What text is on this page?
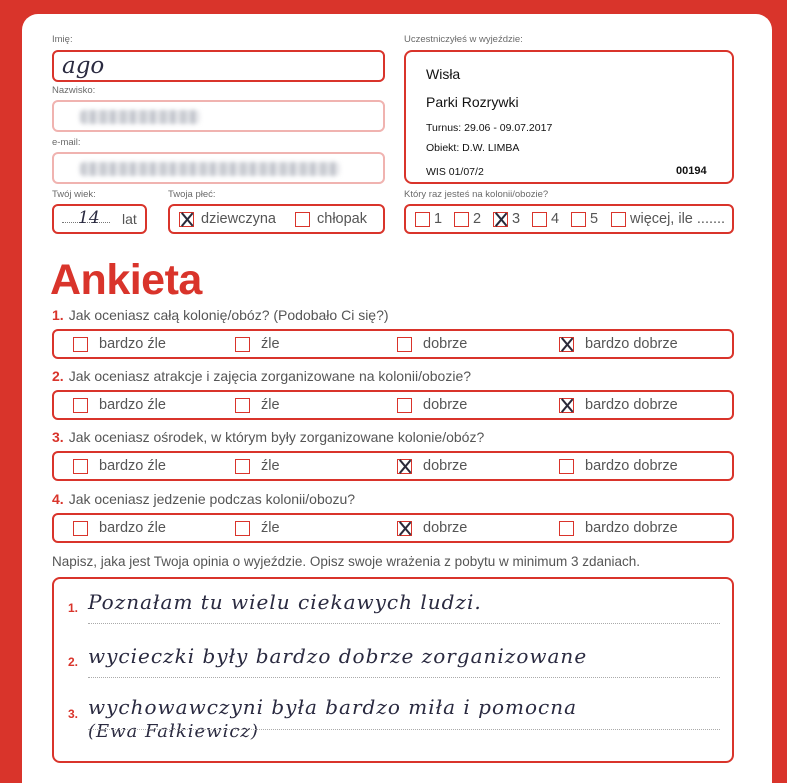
Imię:
ago
Nazwisko:
e-mail:
Twój wiek:
14 lat
Twoja płeć:
dziewczyna	chłopak
Uczestniczyłeś w wyjeździe:
Wisła
Parki Rozrywki
Turnus: 29.06 - 09.07.2017
Obiekt: D.W. LIMBA
WIS 01/07/2	00194
Który raz jesteś na kolonii/obozie?
1 2 3 4 5 więcej, ile .......
Ankieta
1. Jak oceniasz całą kolonię/obóz? (Podobało Ci się?)
bardzo źle	źle	dobrze	bardzo dobrze
2. Jak oceniasz atrakcje i zajęcia zorganizowane na kolonii/obozie?
bardzo źle	źle	dobrze	bardzo dobrze
3. Jak oceniasz ośrodek, w którym były zorganizowane kolonie/obóz?
bardzo źle	źle	dobrze	bardzo dobrze
4. Jak oceniasz jedzenie podczas kolonii/obozu?
bardzo źle	źle	dobrze	bardzo dobrze
Napisz, jaka jest Twoja opinia o wyjeździe. Opisz swoje wrażenia z pobytu w minimum 3 zdaniach.
1. Poznałam tu wielu ciekawych ludzi.
2. wycieczki były bardzo dobrze zorganizowane
3. wychowawczyni była bardzo miła i pomocna
(Ewa Fałkiewicz)
